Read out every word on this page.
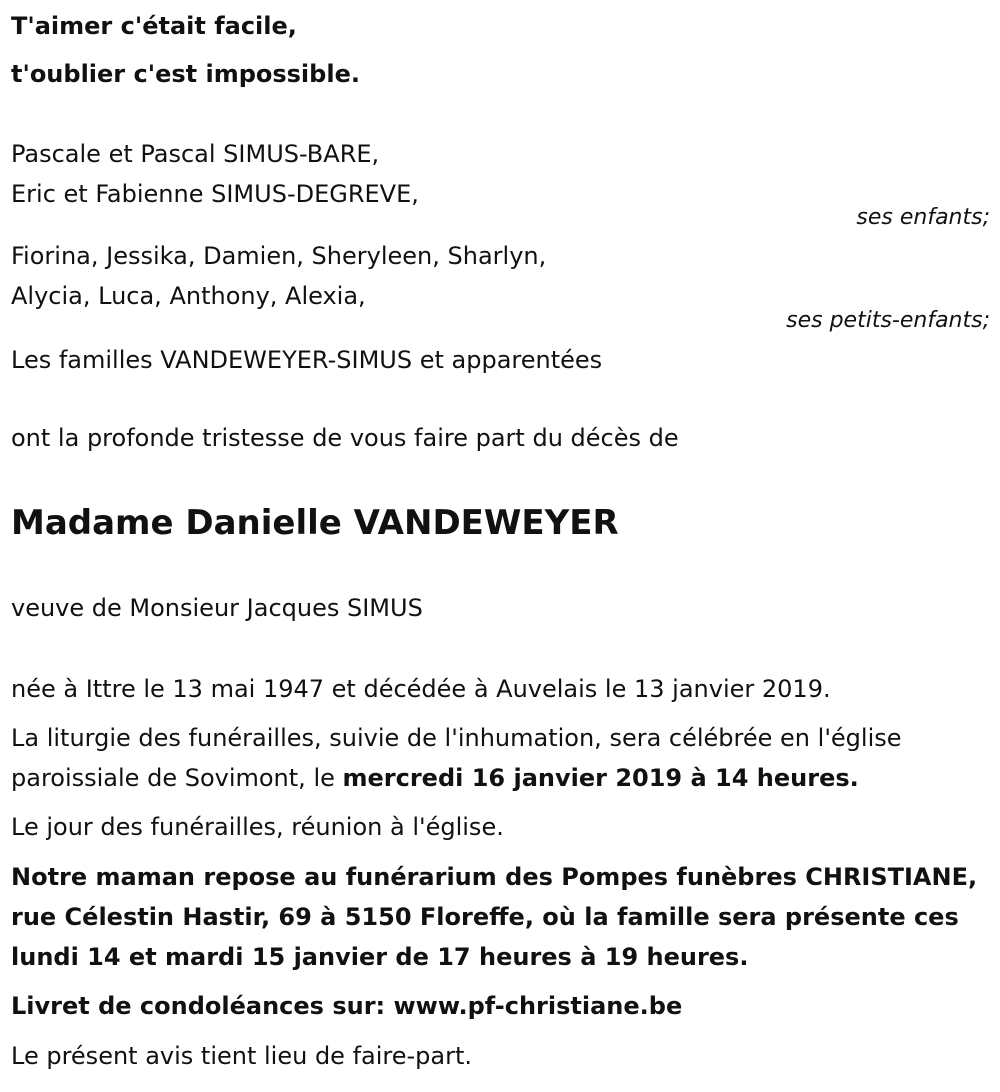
T'aimer c'était facile,
t'oublier c'est impossible.
Pascale et Pascal SIMUS-BARE,
Eric et Fabienne SIMUS-DEGREVE,
ses enfants;
Fiorina, Jessika, Damien, Sheryleen, Sharlyn,
Alycia, Luca, Anthony, Alexia,
ses petits-enfants;
Les familles VANDEWEYER-SIMUS et apparentées
ont la profonde tristesse de vous faire part du décès de
Madame Danielle VANDEWEYER
veuve de Monsieur Jacques SIMUS
née à Ittre le 13 mai 1947 et décédée à Auvelais le 13 janvier 2019.
La liturgie des funérailles, suivie de l'inhumation, sera célébrée en l'église paroissiale de Sovimont, le mercredi 16 janvier 2019 à 14 heures.
Le jour des funérailles, réunion à l'église.
Notre maman repose au funérarium des Pompes funèbres CHRISTIANE, rue Célestin Hastir, 69 à 5150 Floreffe, où la famille sera présente ces lundi 14 et mardi 15 janvier de 17 heures à 19 heures.
Livret de condoléances sur: www.pf-christiane.be
Le présent avis tient lieu de faire-part.
